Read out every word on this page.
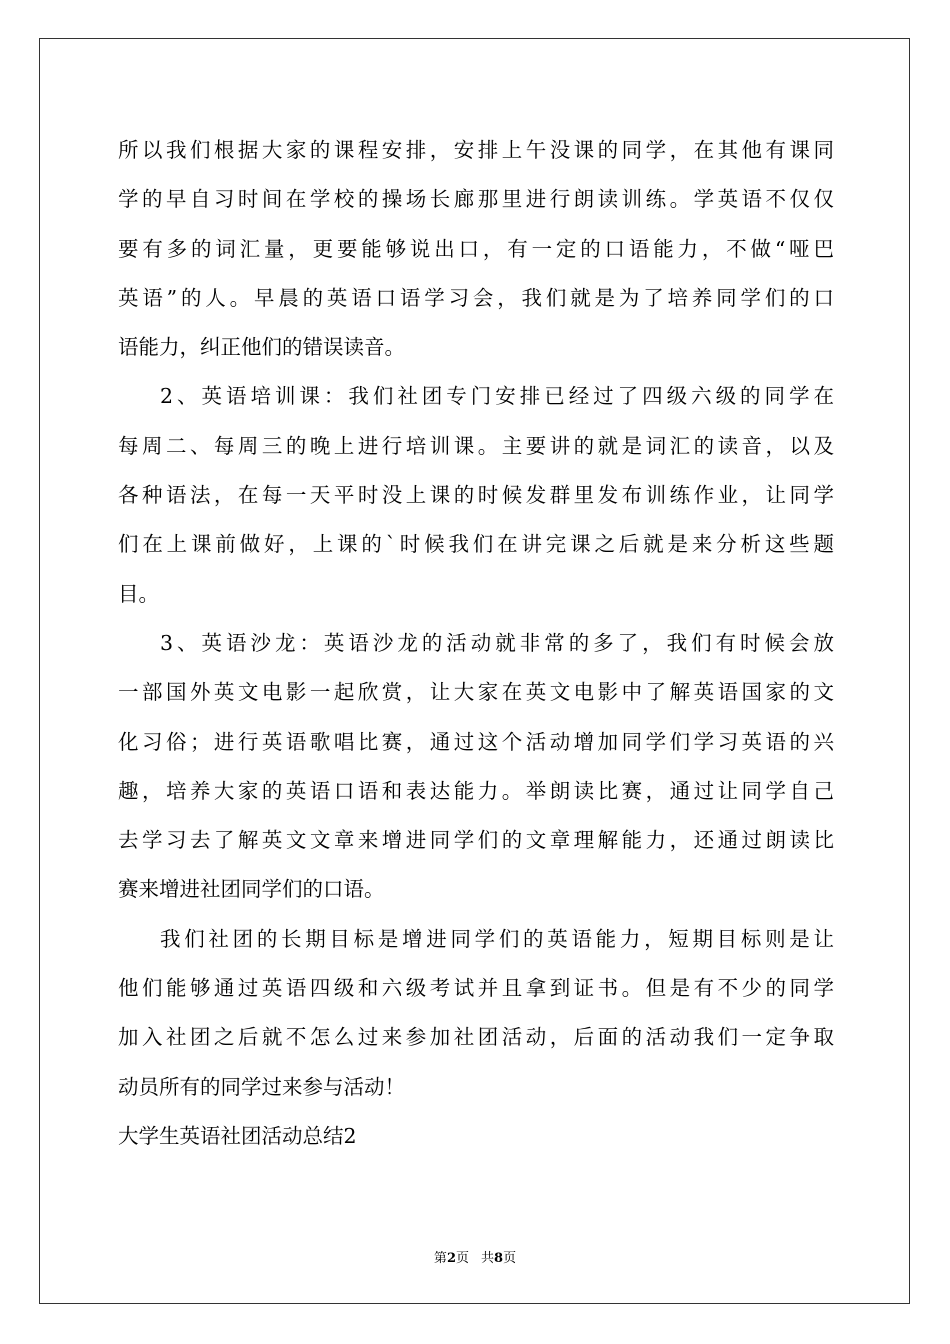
所以我们根据大家的课程安排，安排上午没课的同学，在其他有课同
学的早自习时间在学校的操场长廊那里进行朗读训练。学英语不仅仅
要有多的词汇量，更要能够说出口，有一定的口语能力，不做“哑巴
英语”的人。早晨的英语口语学习会，我们就是为了培养同学们的口
语能力，纠正他们的错误读音。
2、英语培训课：我们社团专门安排已经过了四级六级的同学在
每周二、每周三的晚上进行培训课。主要讲的就是词汇的读音，以及
各种语法，在每一天平时没上课的时候发群里发布训练作业，让同学
们在上课前做好，上课的`时候我们在讲完课之后就是来分析这些题
目。
3、英语沙龙：英语沙龙的活动就非常的多了，我们有时候会放
一部国外英文电影一起欣赏，让大家在英文电影中了解英语国家的文
化习俗；进行英语歌唱比赛，通过这个活动增加同学们学习英语的兴
趣，培养大家的英语口语和表达能力。举朗读比赛，通过让同学自己
去学习去了解英文文章来增进同学们的文章理解能力，还通过朗读比
赛来增进社团同学们的口语。
我们社团的长期目标是增进同学们的英语能力，短期目标则是让
他们能够通过英语四级和六级考试并且拿到证书。但是有不少的同学
加入社团之后就不怎么过来参加社团活动，后面的活动我们一定争取
动员所有的同学过来参与活动！
大学生英语社团活动总结2
第2页 共8页
